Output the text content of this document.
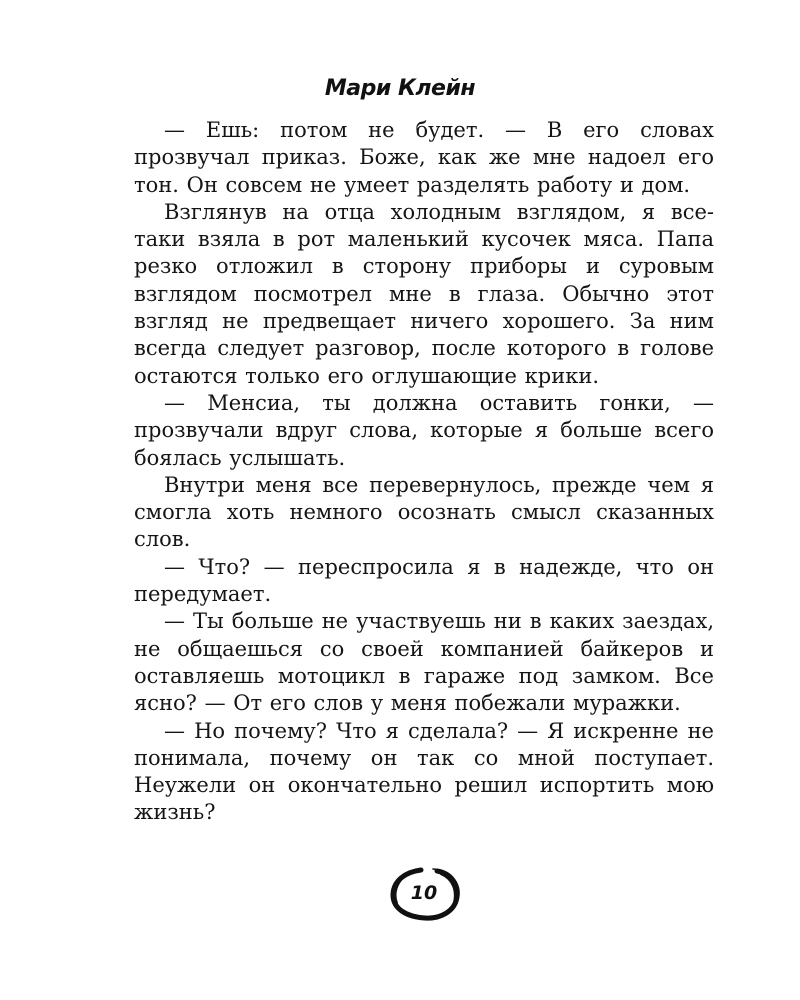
Мари Клейн

— Ешь: потом не будет. — В его словах прозвучал приказ. Боже, как же мне надоел его тон. Он совсем не умеет разделять работу и дом.

Взглянув на отца холодным взглядом, я все-таки взяла в рот маленький кусочек мяса. Папа резко отложил в сторону приборы и суровым взглядом посмотрел мне в глаза. Обычно этот взгляд не предвещает ничего хорошего. За ним всегда следует разговор, после которого в голове остаются только его оглушающие крики.

— Менсиа, ты должна оставить гонки, — прозвучали вдруг слова, которые я больше всего боялась услышать.

Внутри меня все перевернулось, прежде чем я смогла хоть немного осознать смысл сказанных слов.

— Что? — переспросила я в надежде, что он передумает.

— Ты больше не участвуешь ни в каких заездах, не общаешься со своей компанией байкеров и оставляешь мотоцикл в гараже под замком. Все ясно? — От его слов у меня побежали муражки.

— Но почему? Что я сделала? — Я искренне не понимала, почему он так со мной поступает. Неужели он окончательно решил испортить мою жизнь?

10
